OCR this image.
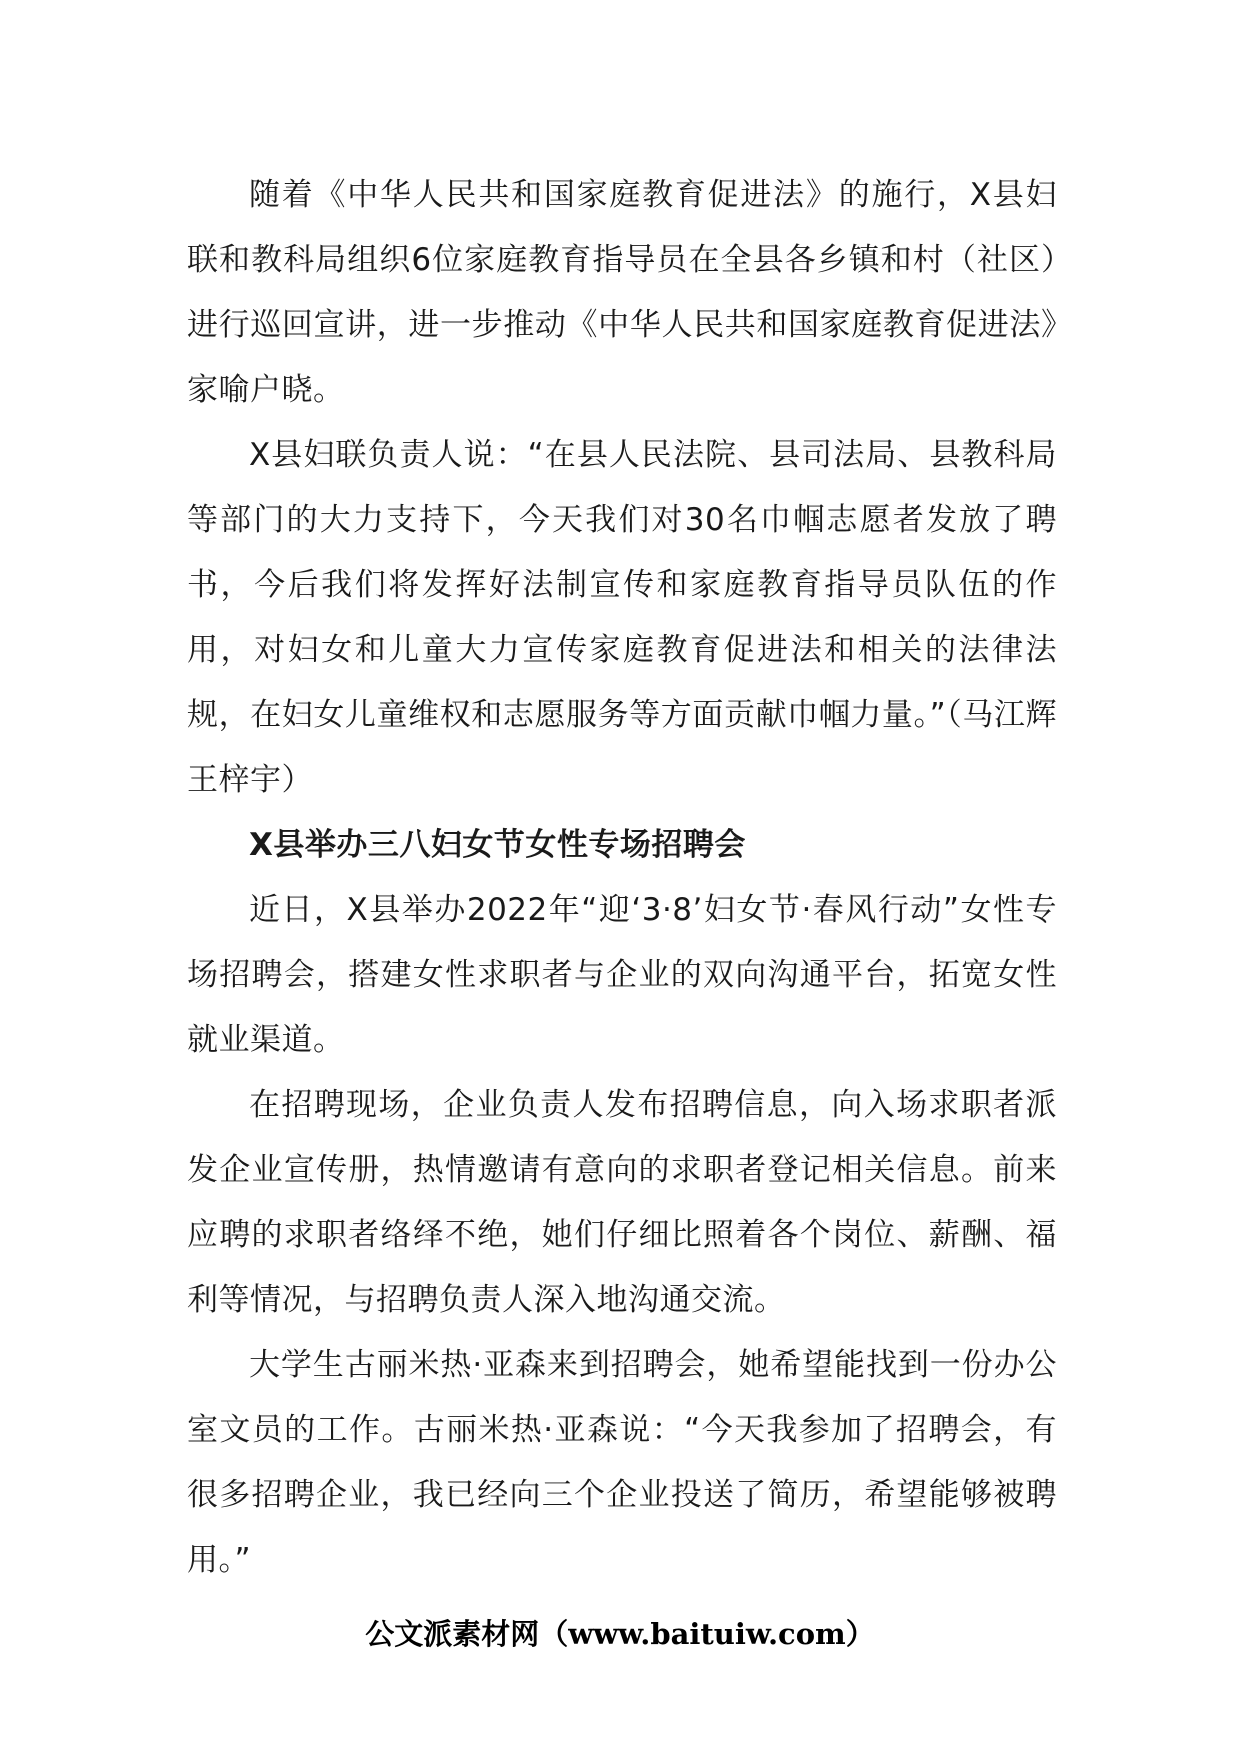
随着《中华人民共和国家庭教育促进法》的施行，X县妇联和教科局组织6位家庭教育指导员在全县各乡镇和村（社区）进行巡回宣讲，进一步推动《中华人民共和国家庭教育促进法》家喻户晓。

X县妇联负责人说：“在县人民法院、县司法局、县教科局等部门的大力支持下，今天我们对30名巾帼志愿者发放了聘书，今后我们将发挥好法制宣传和家庭教育指导员队伍的作用，对妇女和儿童大力宣传家庭教育促进法和相关的法律法规，在妇女儿童维权和志愿服务等方面贡献巾帼力量。”（马江辉 王梓宇）

X县举办三八妇女节女性专场招聘会

近日，X县举办2022年“迎‘3·8’妇女节·春风行动”女性专场招聘会，搭建女性求职者与企业的双向沟通平台，拓宽女性就业渠道。

在招聘现场，企业负责人发布招聘信息，向入场求职者派发企业宣传册，热情邀请有意向的求职者登记相关信息。前来应聘的求职者络绎不绝，她们仔细比照着各个岗位、薪酬、福利等情况，与招聘负责人深入地沟通交流。

大学生古丽米热·亚森来到招聘会，她希望能找到一份办公室文员的工作。古丽米热·亚森说：“今天我参加了招聘会，有很多招聘企业，我已经向三个企业投送了简历，希望能够被聘用。”

公文派素材网（www.baituiw.com）
